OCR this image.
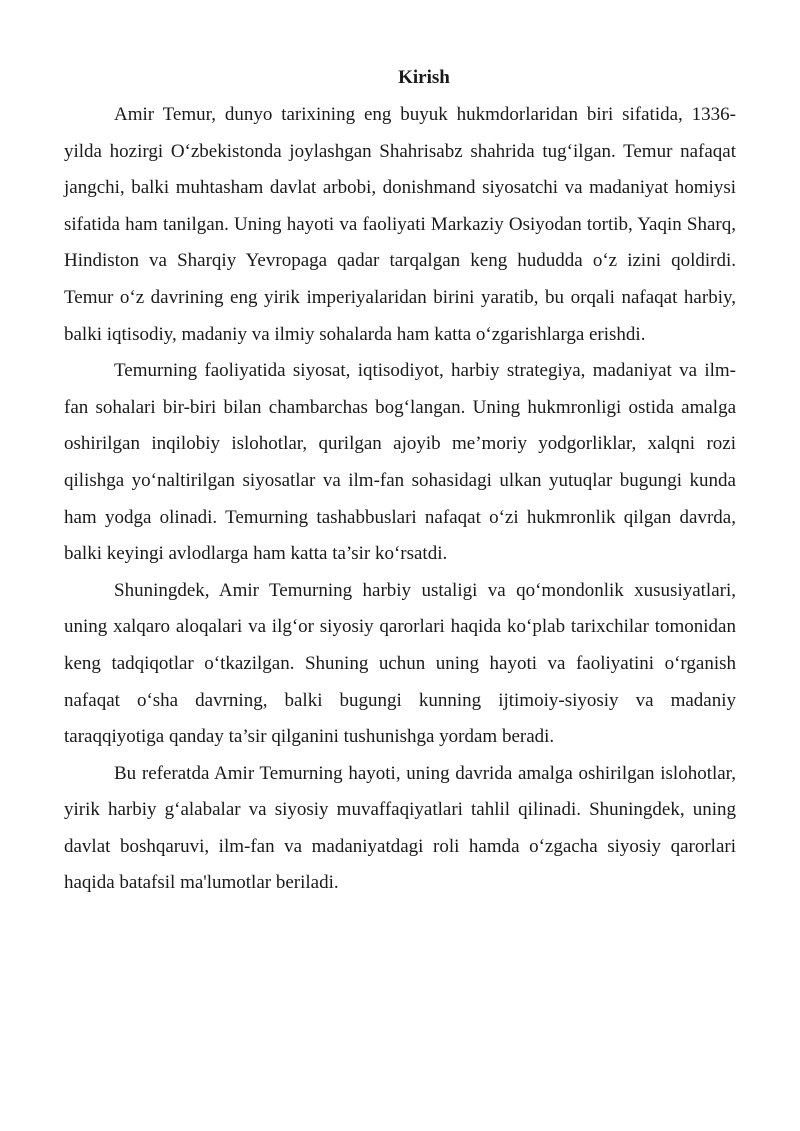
Kirish

Amir Temur, dunyo tarixining eng buyuk hukmdorlaridan biri sifatida, 1336-yilda hozirgi O‘zbekistonda joylashgan Shahrisabz shahrida tug‘ilgan. Temur nafaqat jangchi, balki muhtasham davlat arbobi, donishmand siyosatchi va madaniyat homiysi sifatida ham tanilgan. Uning hayoti va faoliyati Markaziy Osiyodan tortib, Yaqin Sharq, Hindiston va Sharqiy Yevropaga qadar tarqalgan keng hududda o‘z izini qoldirdi. Temur o‘z davrining eng yirik imperiyalaridan birini yaratib, bu orqali nafaqat harbiy, balki iqtisodiy, madaniy va ilmiy sohalarda ham katta o‘zgarishlarga erishdi.

Temurning faoliyatida siyosat, iqtisodiyot, harbiy strategiya, madaniyat va ilm-fan sohalari bir-biri bilan chambarchas bog‘langan. Uning hukmronligi ostida amalga oshirilgan inqilobiy islohotlar, qurilgan ajoyib me’moriy yodgorliklar, xalqni rozi qilishga yo‘naltirilgan siyosatlar va ilm-fan sohasidagi ulkan yutuqlar bugungi kunda ham yodga olinadi. Temurning tashabbuslari nafaqat o‘zi hukmronlik qilgan davrda, balki keyingi avlodlarga ham katta ta’sir ko‘rsatdi.

Shuningdek, Amir Temurning harbiy ustaligi va qo‘mondonlik xususiyatlari, uning xalqaro aloqalari va ilg‘or siyosiy qarorlari haqida ko‘plab tarixchilar tomonidan keng tadqiqotlar o‘tkazilgan. Shuning uchun uning hayoti va faoliyatini o‘rganish nafaqat o‘sha davrning, balki bugungi kunning ijtimoiy-siyosiy va madaniy taraqqiyotiga qanday ta’sir qilganini tushunishga yordam beradi.

Bu referatda Amir Temurning hayoti, uning davrida amalga oshirilgan islohotlar, yirik harbiy g‘alabalar va siyosiy muvaffaqiyatlari tahlil qilinadi. Shuningdek, uning davlat boshqaruvi, ilm-fan va madaniyatdagi roli hamda o‘zgacha siyosiy qarorlari haqida batafsil ma'lumotlar beriladi.
